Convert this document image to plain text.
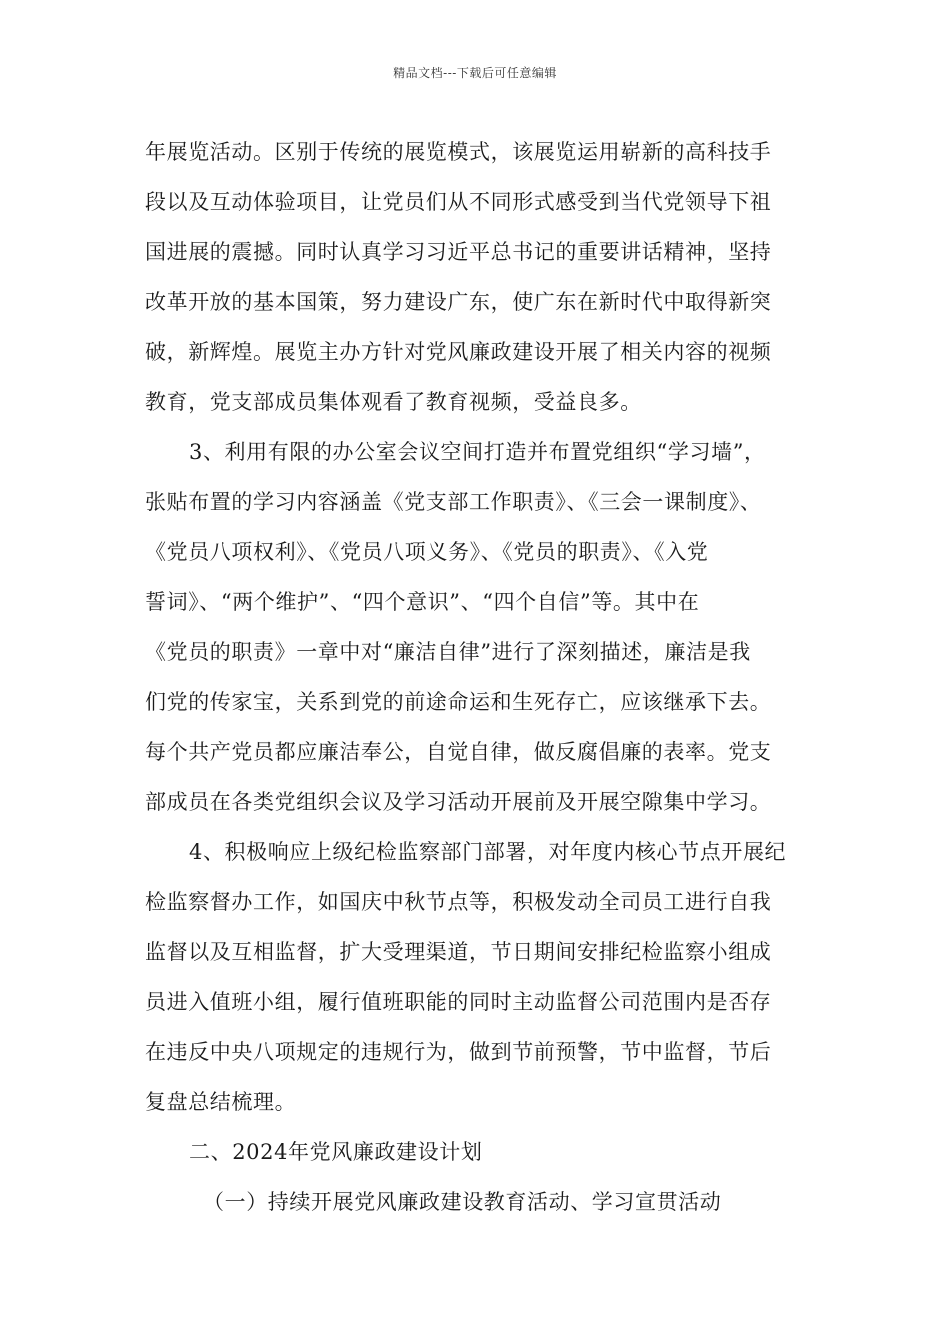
精品文档---下载后可任意编辑
年展览活动。区别于传统的展览模式，该展览运用崭新的高科技手
段以及互动体验项目，让党员们从不同形式感受到当代党领导下祖
国进展的震撼。同时认真学习习近平总书记的重要讲话精神，坚持
改革开放的基本国策，努力建设广东，使广东在新时代中取得新突
破，新辉煌。展览主办方针对党风廉政建设开展了相关内容的视频
教育，党支部成员集体观看了教育视频，受益良多。
3、利用有限的办公室会议空间打造并布置党组织“学习墙”，
张贴布置的学习内容涵盖《党支部工作职责》、《三会一课制度》、
《党员八项权利》、《党员八项义务》、《党员的职责》、《入党
誓词》、“两个维护”、“四个意识”、“四个自信”等。其中在
《党员的职责》一章中对“廉洁自律”进行了深刻描述，廉洁是我
们党的传家宝，关系到党的前途命运和生死存亡，应该继承下去。
每个共产党员都应廉洁奉公，自觉自律，做反腐倡廉的表率。党支
部成员在各类党组织会议及学习活动开展前及开展空隙集中学习。
4、积极响应上级纪检监察部门部署，对年度内核心节点开展纪
检监察督办工作，如国庆中秋节点等，积极发动全司员工进行自我
监督以及互相监督，扩大受理渠道，节日期间安排纪检监察小组成
员进入值班小组，履行值班职能的同时主动监督公司范围内是否存
在违反中央八项规定的违规行为，做到节前预警，节中监督，节后
复盘总结梳理。
二、2024年党风廉政建设计划
（一）持续开展党风廉政建设教育活动、学习宣贯活动
